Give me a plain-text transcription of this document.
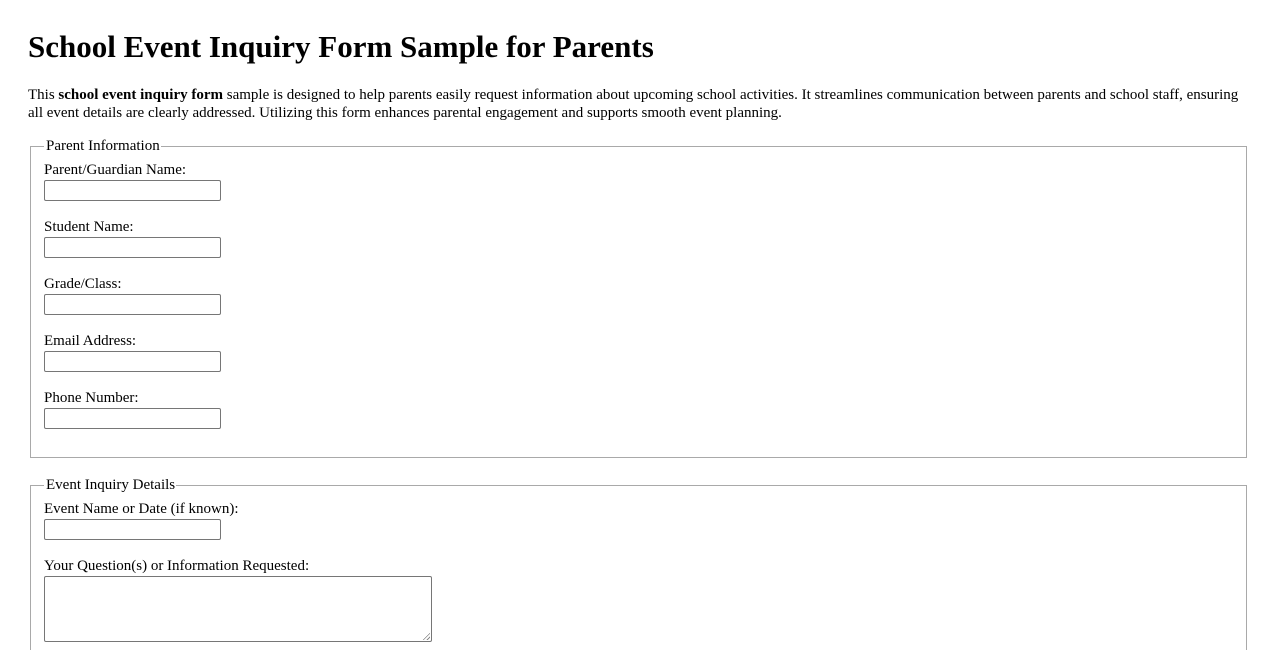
School Event Inquiry Form Sample for Parents

This school event inquiry form sample is designed to help parents easily request information about upcoming school activities. It streamlines communication between parents and school staff, ensuring all event details are clearly addressed. Utilizing this form enhances parental engagement and supports smooth event planning.

Parent Information
Parent/Guardian Name:
Student Name:
Grade/Class:
Email Address:
Phone Number:
Event Inquiry Details
Event Name or Date (if known):
Your Question(s) or Information Requested:
